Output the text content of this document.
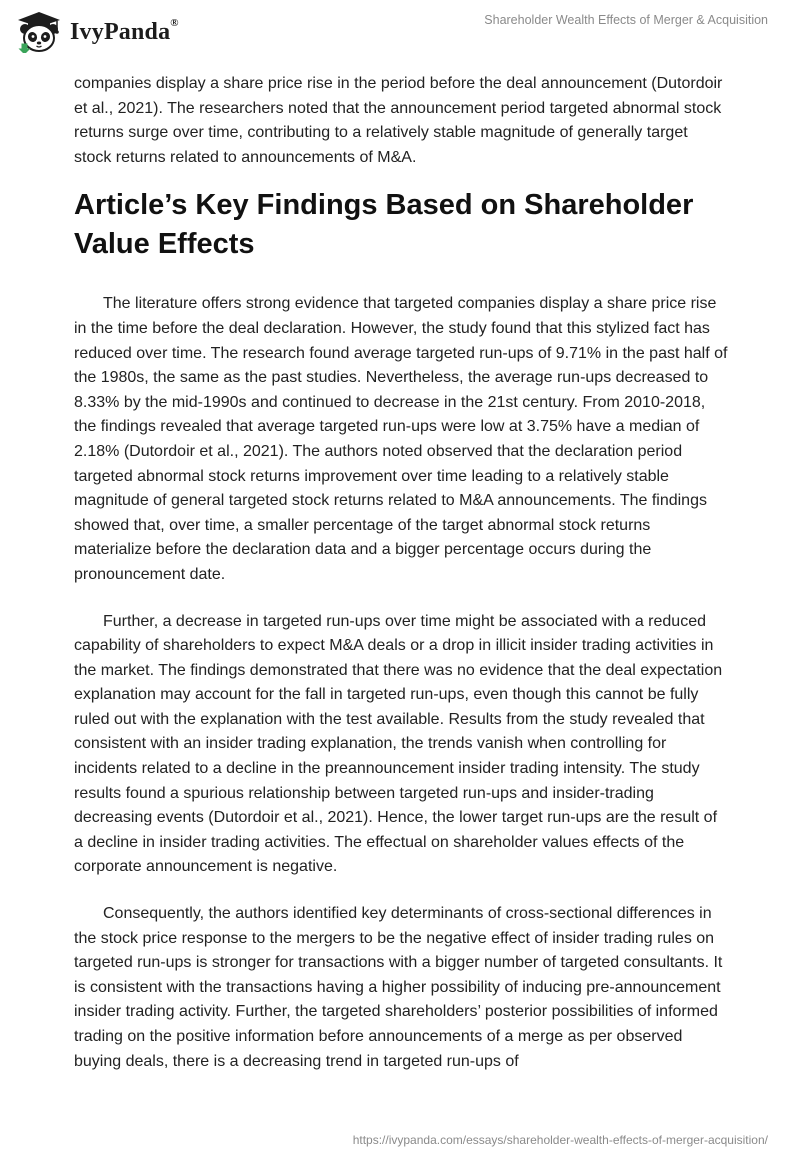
IvyPanda®	Shareholder Wealth Effects of Merger & Acquisition

companies display a share price rise in the period before the deal announcement (Dutordoir et al., 2021). The researchers noted that the announcement period targeted abnormal stock returns surge over time, contributing to a relatively stable magnitude of generally target stock returns related to announcements of M&A.

Article’s Key Findings Based on Shareholder Value Effects

The literature offers strong evidence that targeted companies display a share price rise in the time before the deal declaration. However, the study found that this stylized fact has reduced over time. The research found average targeted run-ups of 9.71% in the past half of the 1980s, the same as the past studies. Nevertheless, the average run-ups decreased to 8.33% by the mid-1990s and continued to decrease in the 21st century. From 2010-2018, the findings revealed that average targeted run-ups were low at 3.75% have a median of 2.18% (Dutordoir et al., 2021). The authors noted observed that the declaration period targeted abnormal stock returns improvement over time leading to a relatively stable magnitude of general targeted stock returns related to M&A announcements. The findings showed that, over time, a smaller percentage of the target abnormal stock returns materialize before the declaration data and a bigger percentage occurs during the pronouncement date.

Further, a decrease in targeted run-ups over time might be associated with a reduced capability of shareholders to expect M&A deals or a drop in illicit insider trading activities in the market. The findings demonstrated that there was no evidence that the deal expectation explanation may account for the fall in targeted run-ups, even though this cannot be fully ruled out with the explanation with the test available. Results from the study revealed that consistent with an insider trading explanation, the trends vanish when controlling for incidents related to a decline in the preannouncement insider trading intensity. The study results found a spurious relationship between targeted run-ups and insider-trading decreasing events (Dutordoir et al., 2021). Hence, the lower target run-ups are the result of a decline in insider trading activities. The effectual on shareholder values effects of the corporate announcement is negative.

Consequently, the authors identified key determinants of cross-sectional differences in the stock price response to the mergers to be the negative effect of insider trading rules on targeted run-ups is stronger for transactions with a bigger number of targeted consultants. It is consistent with the transactions having a higher possibility of inducing pre-announcement insider trading activity. Further, the targeted shareholders’ posterior possibilities of informed trading on the positive information before announcements of a merge as per observed buying deals, there is a decreasing trend in targeted run-ups of

https://ivypanda.com/essays/shareholder-wealth-effects-of-merger-acquisition/
